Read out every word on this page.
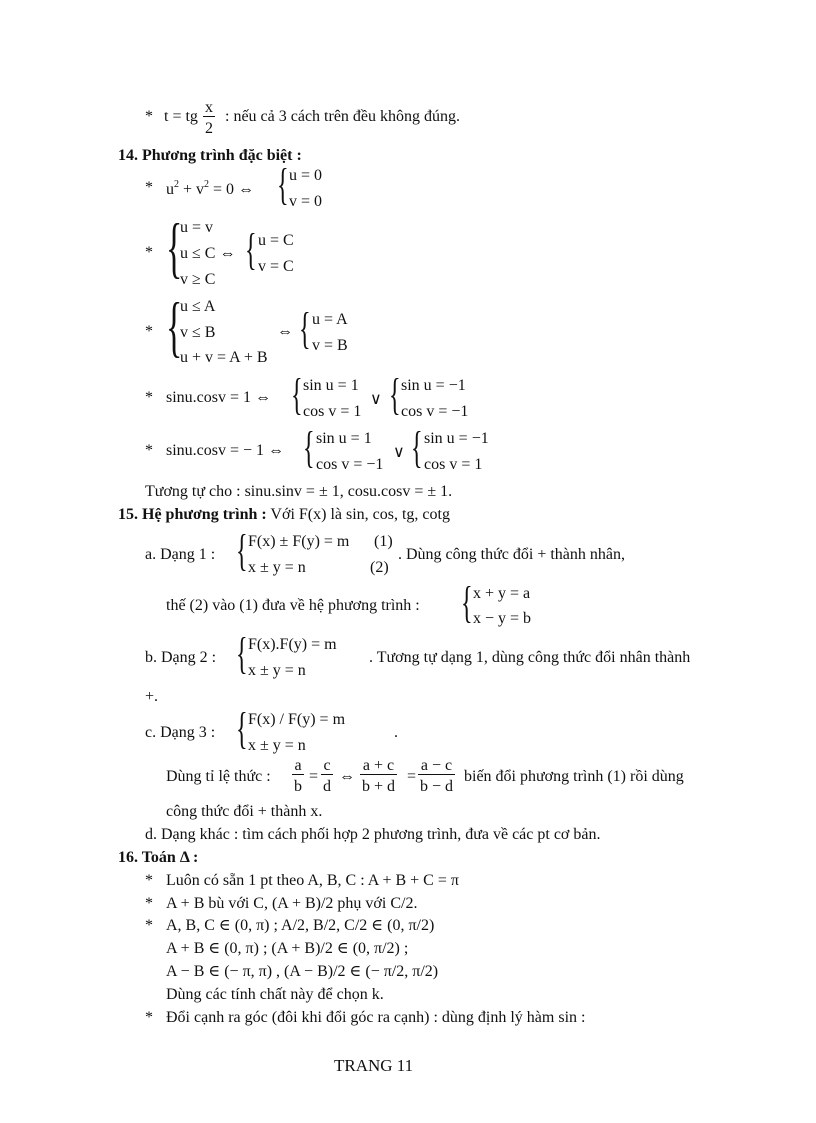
* t = tg $\frac{x}{2}$ : nếu cả 3 cách trên đều không đúng.
14. Phương trình đặc biệt :
* $u^2 + v^2 = 0$ ⇔ { u = 0
v = 0
* {
u = v
u ≤ C ⇔
v ≥ C
{ u = C
v = C
* {
u ≤ A
v ≤ B
u + v = A + B
⇔ { u = A
v = B
* sinu.cosv = 1 ⇔ { sin u = 1
cos v = 1
∨ { sin u = −1
cos v = −1
* sinu.cosv = − 1 ⇔ { sin u = 1
cos v = −1
∨ { sin u = −1
cos v = 1
Tương tự cho : sinu.sinv = ± 1, cosu.cosv = ± 1.
15. Hệ phương trình : Với F(x) là sin, cos, tg, cotg
a. Dạng 1 : { F(x) ± F(y) = m (1)
x ± y = n	(2)
. Dùng công thức đổi + thành nhân,
thế (2) vào (1) đưa về hệ phương trình : { x + y = a
x − y = b
b. Dạng 2 : { F(x).F(y) = m
x ± y = n
. Tương tự dạng 1, dùng công thức đổi nhân thành
+.
c. Dạng 3 : { F(x) / F(y) = m
x ± y = n
.
Dùng tỉ lệ thức : $\frac{a}{b} = \frac{c}{d}$ ⇔ $\frac{a + c}{b + d} = \frac{a - c}{b - d}$ biến đổi phương trình (1) rồi dùng
công thức đổi + thành x.
d. Dạng khác : tìm cách phối hợp 2 phương trình, đưa về các pt cơ bản.
16. Toán Δ :
* Luôn có sẵn 1 pt theo A, B, C : A + B + C = π
* A + B bù với C, (A + B)/2 phụ với C/2.
* A, B, C ∈ (0, π) ; A/2, B/2, C/2 ∈ (0, π/2)
A + B ∈ (0, π) ; (A + B)/2 ∈ (0, π/2) ;
A − B ∈ (− π, π) , (A − B)/2 ∈ (− π/2, π/2)
Dùng các tính chất này để chọn k.
* Đổi cạnh ra góc (đôi khi đổi góc ra cạnh) : dùng định lý hàm sin :
TRANG 11
